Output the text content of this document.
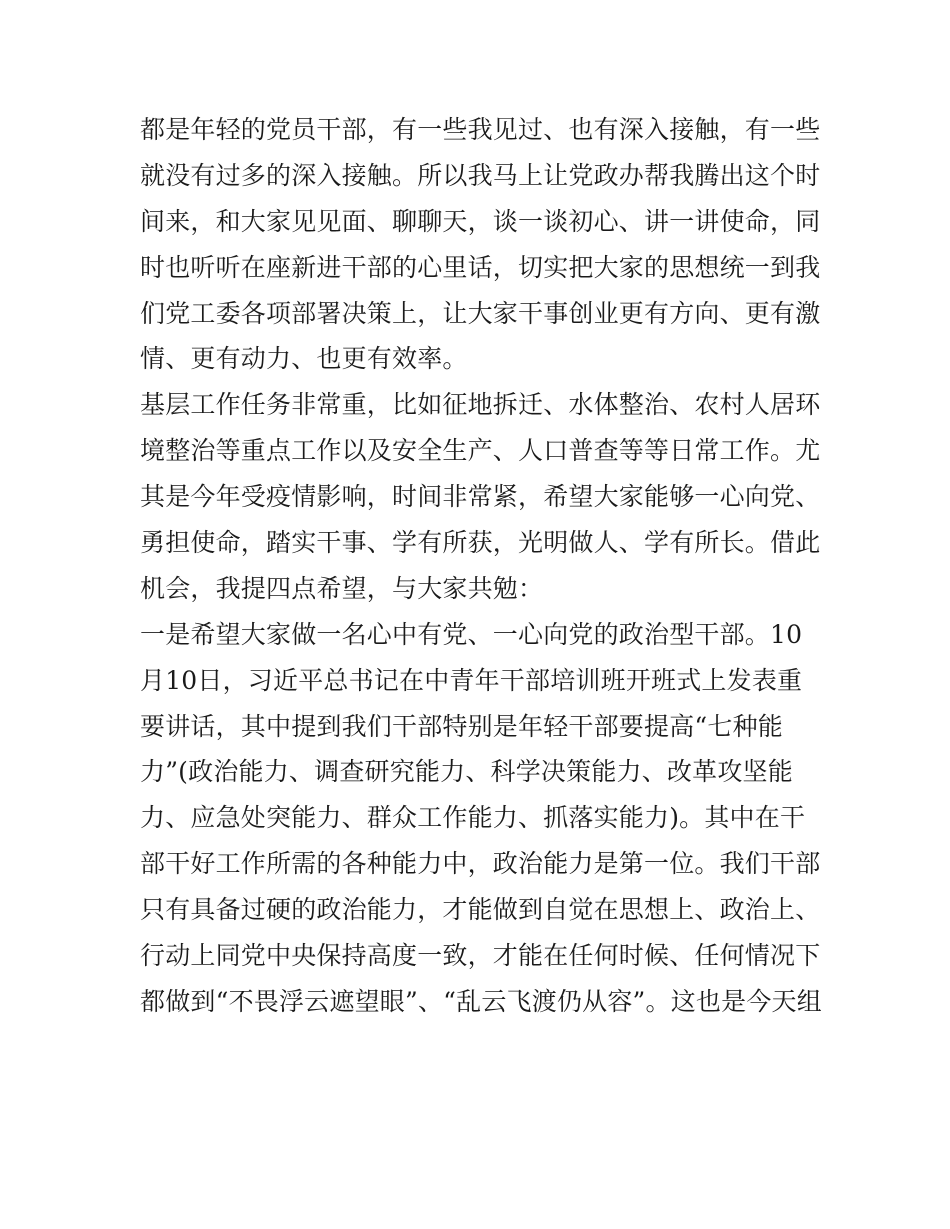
都是年轻的党员干部，有一些我见过、也有深入接触，有一些
就没有过多的深入接触。所以我马上让党政办帮我腾出这个时
间来，和大家见见面、聊聊天，谈一谈初心、讲一讲使命，同
时也听听在座新进干部的心里话，切实把大家的思想统一到我
们党工委各项部署决策上，让大家干事创业更有方向、更有激
情、更有动力、也更有效率。
基层工作任务非常重，比如征地拆迁、水体整治、农村人居环
境整治等重点工作以及安全生产、人口普查等等日常工作。尤
其是今年受疫情影响，时间非常紧，希望大家能够一心向党、
勇担使命，踏实干事、学有所获，光明做人、学有所长。借此
机会，我提四点希望，与大家共勉：
一是希望大家做一名心中有党、一心向党的政治型干部。10
月10日，习近平总书记在中青年干部培训班开班式上发表重
要讲话，其中提到我们干部特别是年轻干部要提高“七种能
力”(政治能力、调查研究能力、科学决策能力、改革攻坚能
力、应急处突能力、群众工作能力、抓落实能力)。其中在干
部干好工作所需的各种能力中，政治能力是第一位。我们干部
只有具备过硬的政治能力，才能做到自觉在思想上、政治上、
行动上同党中央保持高度一致，才能在任何时候、任何情况下
都做到“不畏浮云遮望眼”、“乱云飞渡仍从容”。这也是今天组
